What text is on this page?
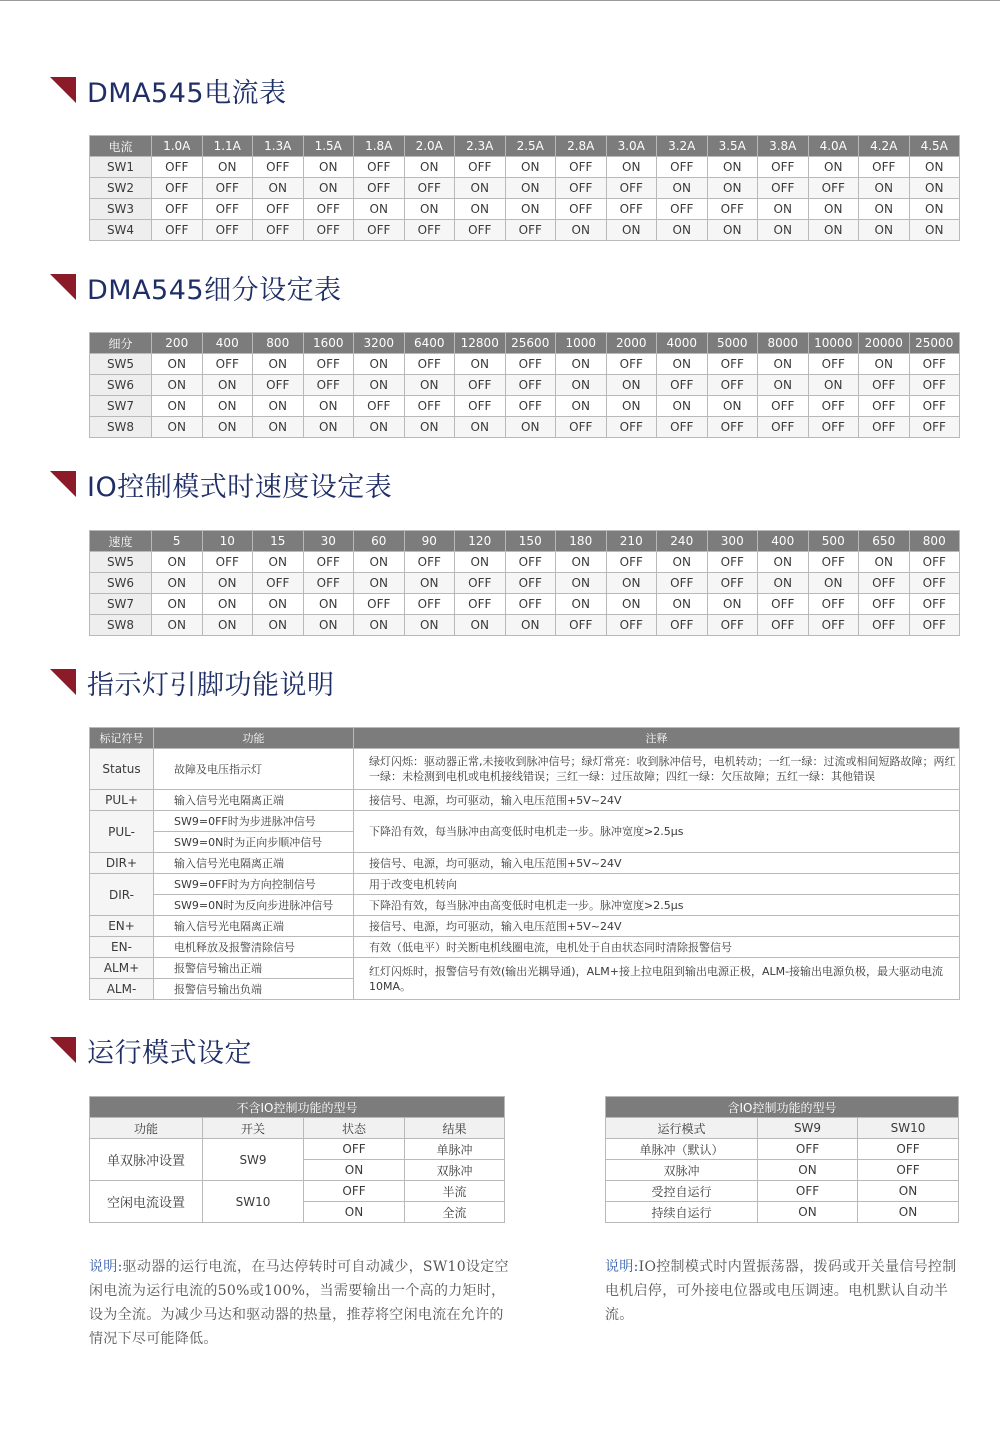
DMA545电流表
电流	1.0A	1.1A	1.3A	1.5A	1.8A	2.0A	2.3A	2.5A	2.8A	3.0A	3.2A	3.5A	3.8A	4.0A	4.2A	4.5A
SW1	OFF	ON	OFF	ON	OFF	ON	OFF	ON	OFF	ON	OFF	ON	OFF	ON	OFF	ON
SW2	OFF	OFF	ON	ON	OFF	OFF	ON	ON	OFF	OFF	ON	ON	OFF	OFF	ON	ON
SW3	OFF	OFF	OFF	OFF	ON	ON	ON	ON	OFF	OFF	OFF	OFF	ON	ON	ON	ON
SW4	OFF	OFF	OFF	OFF	OFF	OFF	OFF	OFF	ON	ON	ON	ON	ON	ON	ON	ON
DMA545细分设定表
细分	200	400	800	1600	3200	6400	12800	25600	1000	2000	4000	5000	8000	10000	20000	25000
SW5	ON	OFF	ON	OFF	ON	OFF	ON	OFF	ON	OFF	ON	OFF	ON	OFF	ON	OFF
SW6	ON	ON	OFF	OFF	ON	ON	OFF	OFF	ON	ON	OFF	OFF	ON	ON	OFF	OFF
SW7	ON	ON	ON	ON	OFF	OFF	OFF	OFF	ON	ON	ON	ON	OFF	OFF	OFF	OFF
SW8	ON	ON	ON	ON	ON	ON	ON	ON	OFF	OFF	OFF	OFF	OFF	OFF	OFF	OFF
IO控制模式时速度设定表
速度	5	10	15	30	60	90	120	150	180	210	240	300	400	500	650	800
SW5	ON	OFF	ON	OFF	ON	OFF	ON	OFF	ON	OFF	ON	OFF	ON	OFF	ON	OFF
SW6	ON	ON	OFF	OFF	ON	ON	OFF	OFF	ON	ON	OFF	OFF	ON	ON	OFF	OFF
SW7	ON	ON	ON	ON	OFF	OFF	OFF	OFF	ON	ON	ON	ON	OFF	OFF	OFF	OFF
SW8	ON	ON	ON	ON	ON	ON	ON	ON	OFF	OFF	OFF	OFF	OFF	OFF	OFF	OFF
指示灯引脚功能说明
标记符号	功能	注释
Status	故障及电压指示灯	绿灯闪烁：驱动器正常,未接收到脉冲信号；绿灯常亮：收到脉冲信号，电机转动；一红一绿：过流或相间短路故障；两红一绿：未检测到电机或电机接线错误；三红一绿：过压故障；四红一绿：欠压故障；五红一绿：其他错误
PUL+	输入信号光电隔离正端	接信号、电源，均可驱动，输入电压范围+5V~24V
PUL-	SW9=0FF时为步进脉冲信号	下降沿有效，每当脉冲由高变低时电机走一步。脉冲宽度>2.5μs
	SW9=0N时为正向步顺冲信号	
DIR+	输入信号光电隔离正端	接信号、电源，均可驱动，输入电压范围+5V~24V
DIR-	SW9=0FF时为方向控制信号	用于改变电机转向
	SW9=0N时为反向步进脉冲信号	下降沿有效，每当脉冲由高变低时电机走一步。脉冲宽度>2.5μs
EN+	输入信号光电隔离正端	接信号、电源，均可驱动，输入电压范围+5V~24V
EN-	电机释放及报警清除信号	有效（低电平）时关断电机线圈电流，电机处于自由状态同时清除报警信号
ALM+	报警信号输出正端	红灯闪烁时，报警信号有效(输出光耦导通)，ALM+接上拉电阻到输出电源正极，ALM-接输出电源负极，最大驱动电流10MA。
ALM-	报警信号输出负端	
运行模式设定
不含IO控制功能的型号			
功能	开关	状态	结果
单双脉冲设置	SW9	OFF	单脉冲
		ON	双脉冲
空闲电流设置	SW10	OFF	半流
		ON	全流
含IO控制功能的型号		
运行模式	SW9	SW10
单脉冲（默认）	OFF	OFF
双脉冲	ON	OFF
受控自运行	OFF	ON
持续自运行	ON	ON
说明:驱动器的运行电流，在马达停转时可自动减少，SW10设定空闲电流为运行电流的50%或100%，当需要输出一个高的力矩时，设为全流。为减少马达和驱动器的热量，推荐将空闲电流在允许的情况下尽可能降低。
说明:IO控制模式时内置振荡器，拨码或开关量信号控制电机启停，可外接电位器或电压调速。电机默认自动半流。
